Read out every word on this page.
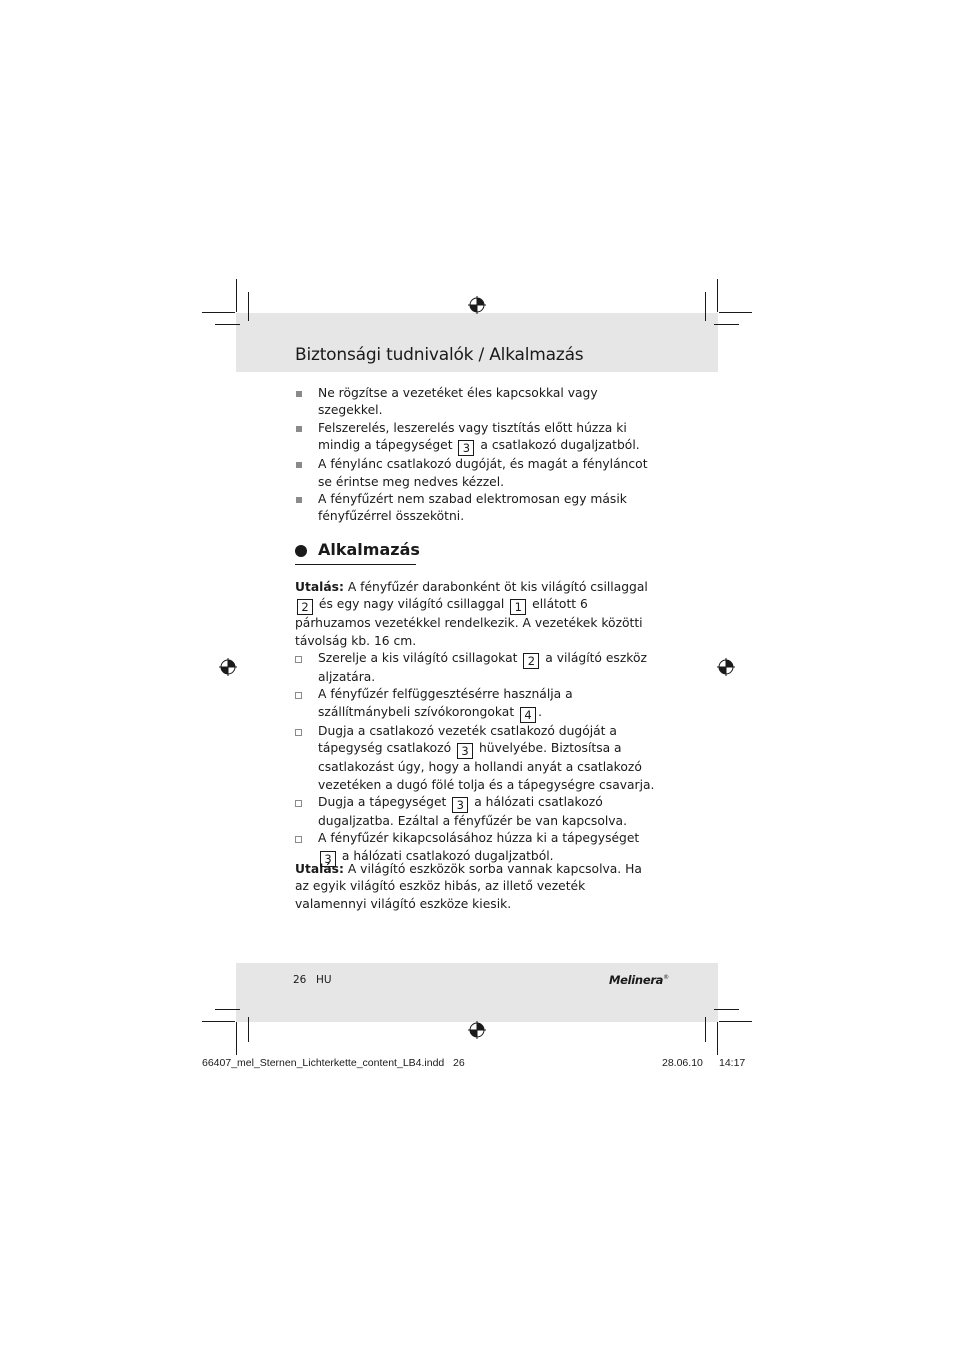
Biztonsági tudnivalók / Alkalmazás
Ne rögzítse a vezetéket éles kapcsokkal vagy szegekkel.
Felszerelés, leszerelés vagy tisztítás előtt húzza ki mindig a tápegységet 3 a csatlakozó dugaljzatból.
A fénylánc csatlakozó dugóját, és magát a fényláncot se érintse meg nedves kézzel.
A fényfűzért nem szabad elektromosan egy másik fényfűzérrel összekötni.
Alkalmazás
Utalás: A fényfűzér darabonként öt kis világító csillaggal 2 és egy nagy világító csillaggal 1 ellátott 6 párhuzamos vezetékkel rendelkezik. A vezetékek közötti távolság kb. 16 cm.
Szerelje a kis világító csillagokat 2 a világító eszköz aljzatára.
A fényfűzér felfüggesztésérre használja a szállítmánybeli szívókorongokat 4 .
Dugja a csatlakozó vezeték csatlakozó dugóját a tápegység csatlakozó 3 hüvelyébe. Biztosítsa a csatlakozást úgy, hogy a hollandi anyát a csatlakozó vezetéken a dugó fölé tolja és a tápegységre csavarja.
Dugja a tápegységet 3 a hálózati csatlakozó dugaljzatba. Ezáltal a fényfűzér be van kapcsolva.
A fényfűzér kikapcsolásához húzza ki a tápegységet 3 a hálózati csatlakozó dugaljzatból.
Utalás: A világító eszközök sorba vannak kapcsolva. Ha az egyik világító eszköz hibás, az illető vezeték valamennyi világító eszköze kiesik.
26 HU	Melinera®
66407_mel_Sternen_Lichterkette_content_LB4.indd   26	28.06.10 14:17
